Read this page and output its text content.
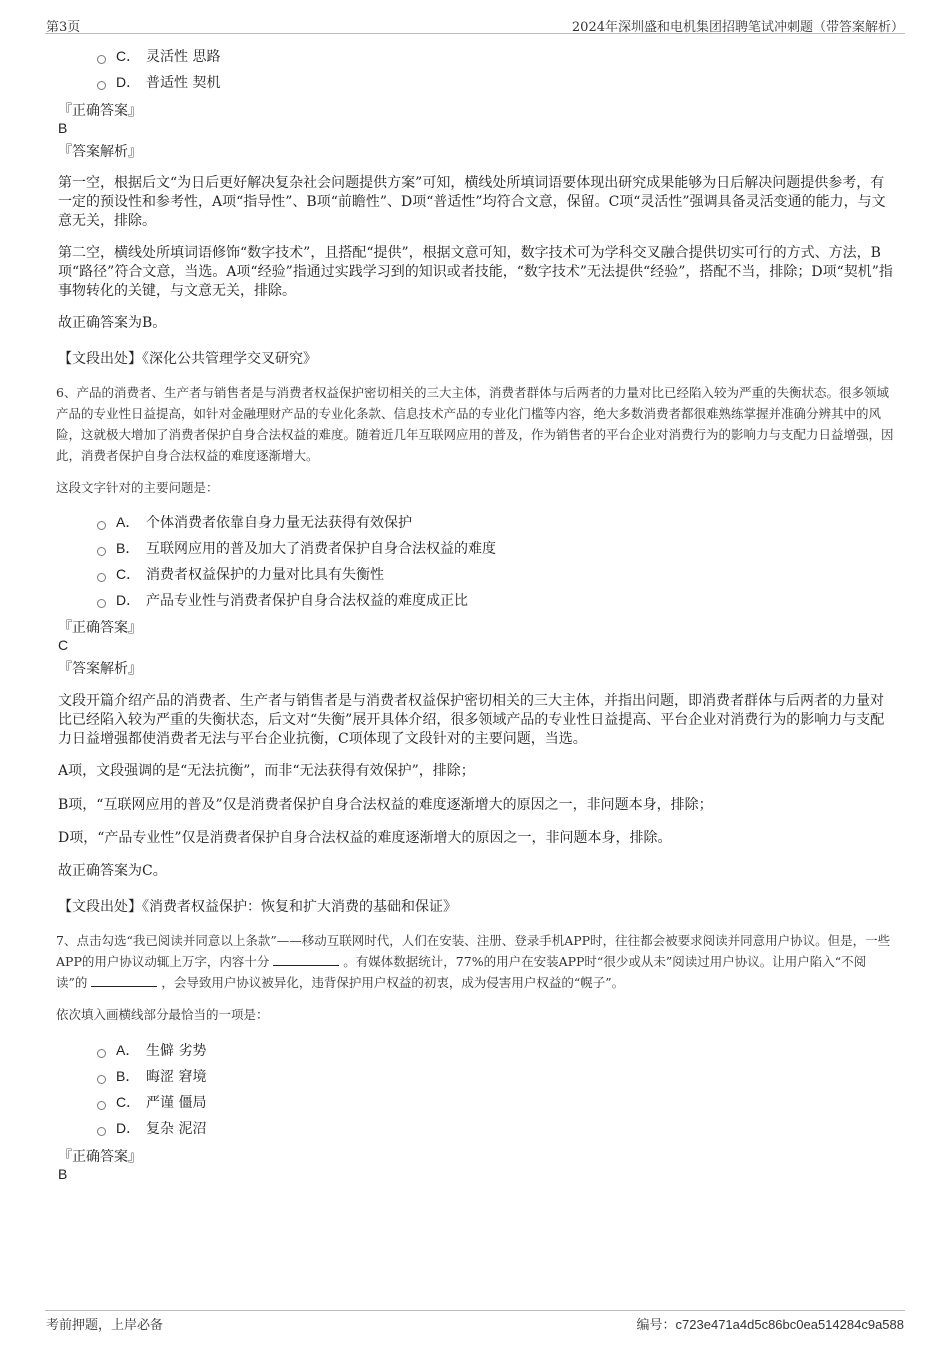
第3页	2024年深圳盛和电机集团招聘笔试冲刺题（带答案解析）
C． 灵活性 思路
D． 普适性 契机
『正确答案』
B
『答案解析』
第一空，根据后文“为日后更好解决复杂社会问题提供方案”可知，横线处所填词语要体现出研究成果能够为日后解决问题提供参考，有一定的预设性和参考性，A项“指导性”、B项“前瞻性”、D项“普适性”均符合文意，保留。C项“灵活性”强调具备灵活变通的能力，与文意无关，排除。
第二空，横线处所填词语修饰“数字技术”，且搭配“提供”，根据文意可知，数字技术可为学科交叉融合提供切实可行的方式、方法，B项“路径”符合文意，当选。A项“经验”指通过实践学习到的知识或者技能，“数字技术”无法提供“经验”，搭配不当，排除；D项“契机”指事物转化的关键，与文意无关，排除。
故正确答案为B。
【文段出处】《深化公共管理学交叉研究》
6、产品的消费者、生产者与销售者是与消费者权益保护密切相关的三大主体，消费者群体与后两者的力量对比已经陷入较为严重的失衡状态。很多领域产品的专业性日益提高，如针对金融理财产品的专业化条款、信息技术产品的专业化门槛等内容，绝大多数消费者都很难熟练掌握并准确分辨其中的风险，这就极大增加了消费者保护自身合法权益的难度。随着近几年互联网应用的普及，作为销售者的平台企业对消费行为的影响力与支配力日益增强，因此，消费者保护自身合法权益的难度逐渐增大。
这段文字针对的主要问题是：
A． 个体消费者依靠自身力量无法获得有效保护
B． 互联网应用的普及加大了消费者保护自身合法权益的难度
C． 消费者权益保护的力量对比具有失衡性
D． 产品专业性与消费者保护自身合法权益的难度成正比
『正确答案』
C
『答案解析』
文段开篇介绍产品的消费者、生产者与销售者是与消费者权益保护密切相关的三大主体，并指出问题，即消费者群体与后两者的力量对比已经陷入较为严重的失衡状态，后文对“失衡”展开具体介绍，很多领域产品的专业性日益提高、平台企业对消费行为的影响力与支配力日益增强都使消费者无法与平台企业抗衡，C项体现了文段针对的主要问题，当选。
A项，文段强调的是“无法抗衡”，而非“无法获得有效保护”，排除；
B项，“互联网应用的普及”仅是消费者保护自身合法权益的难度逐渐增大的原因之一，非问题本身，排除；
D项，“产品专业性”仅是消费者保护自身合法权益的难度逐渐增大的原因之一，非问题本身，排除。
故正确答案为C。
【文段出处】《消费者权益保护：恢复和扩大消费的基础和保证》
7、点击勾选“我已阅读并同意以上条款”——移动互联网时代，人们在安装、注册、登录手机APP时，往往都会被要求阅读并同意用户协议。但是，一些APP的用户协议动辄上万字，内容十分	。有媒体数据统计，77%的用户在安装APP时“很少或从未”阅读过用户协议。让用户陷入“不阅读”的	，会导致用户协议被异化，违背保护用户权益的初衷，成为侵害用户权益的“幌子”。
依次填入画横线部分最恰当的一项是：
A． 生僻 劣势
B． 晦涩 窘境
C． 严谨 僵局
D． 复杂 泥沼
『正确答案』
B
考前押题，上岸必备	编号：c723e471a4d5c86bc0ea514284c9a588
